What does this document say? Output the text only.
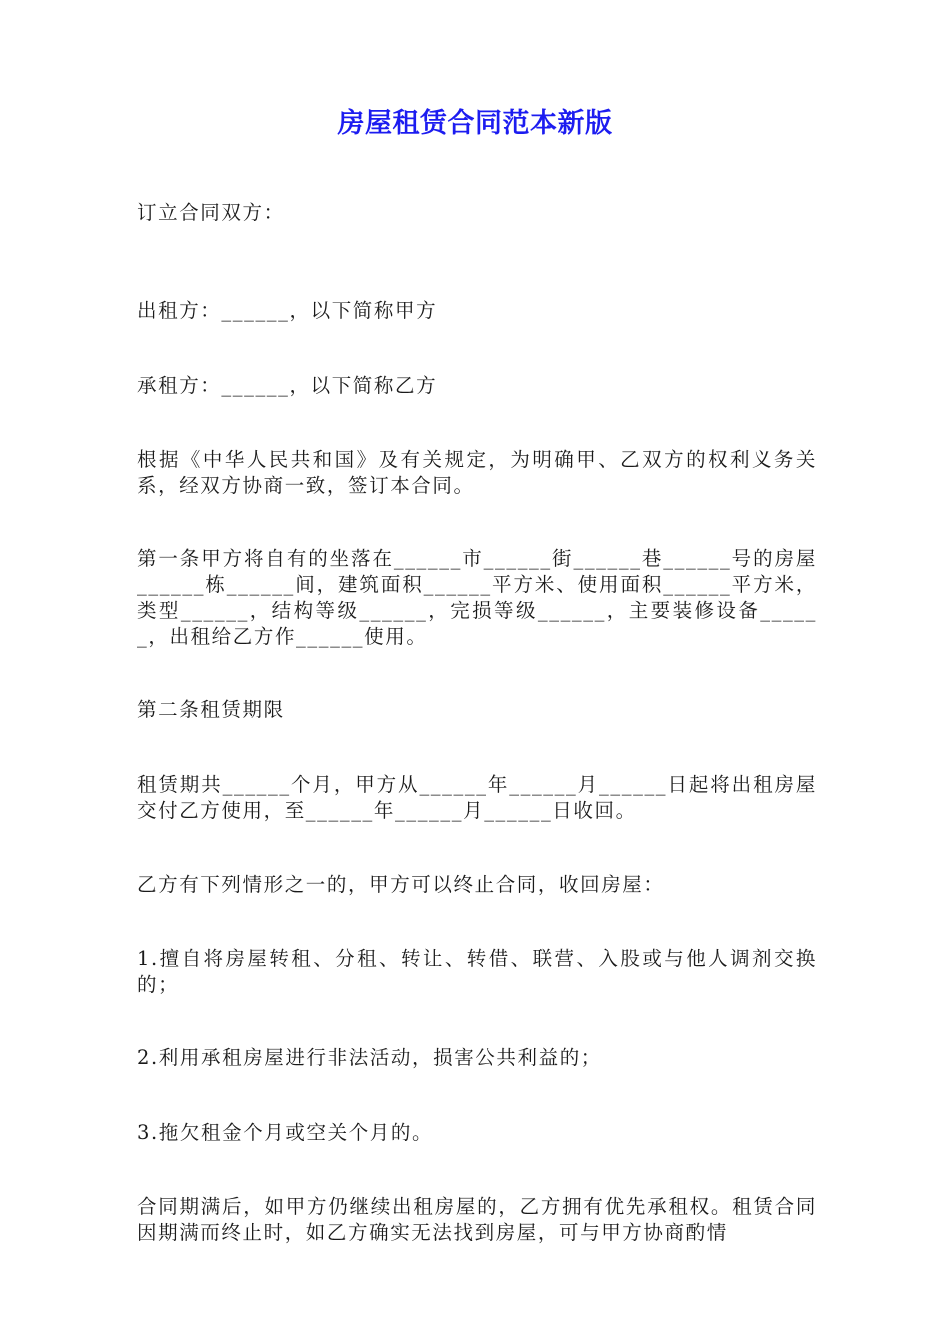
房屋租赁合同范本新版
订立合同双方：
出租方：______，以下简称甲方
承租方：______，以下简称乙方
根据《中华人民共和国》及有关规定，为明确甲、乙双方的权利义务关系，经双方协商一致，签订本合同。
第一条甲方将自有的坐落在______市______街______巷______号的房屋______栋______间，建筑面积______平方米、使用面积______平方米，类型______，结构等级______，完损等级______，主要装修设备______，出租给乙方作______使用。
第二条租赁期限
租赁期共______个月，甲方从______年______月______日起将出租房屋交付乙方使用，至______年______月______日收回。
乙方有下列情形之一的，甲方可以终止合同，收回房屋：
1.擅自将房屋转租、分租、转让、转借、联营、入股或与他人调剂交换的；
2.利用承租房屋进行非法活动，损害公共利益的；
3.拖欠租金个月或空关个月的。
合同期满后，如甲方仍继续出租房屋的，乙方拥有优先承租权。租赁合同因期满而终止时，如乙方确实无法找到房屋，可与甲方协商酌情
